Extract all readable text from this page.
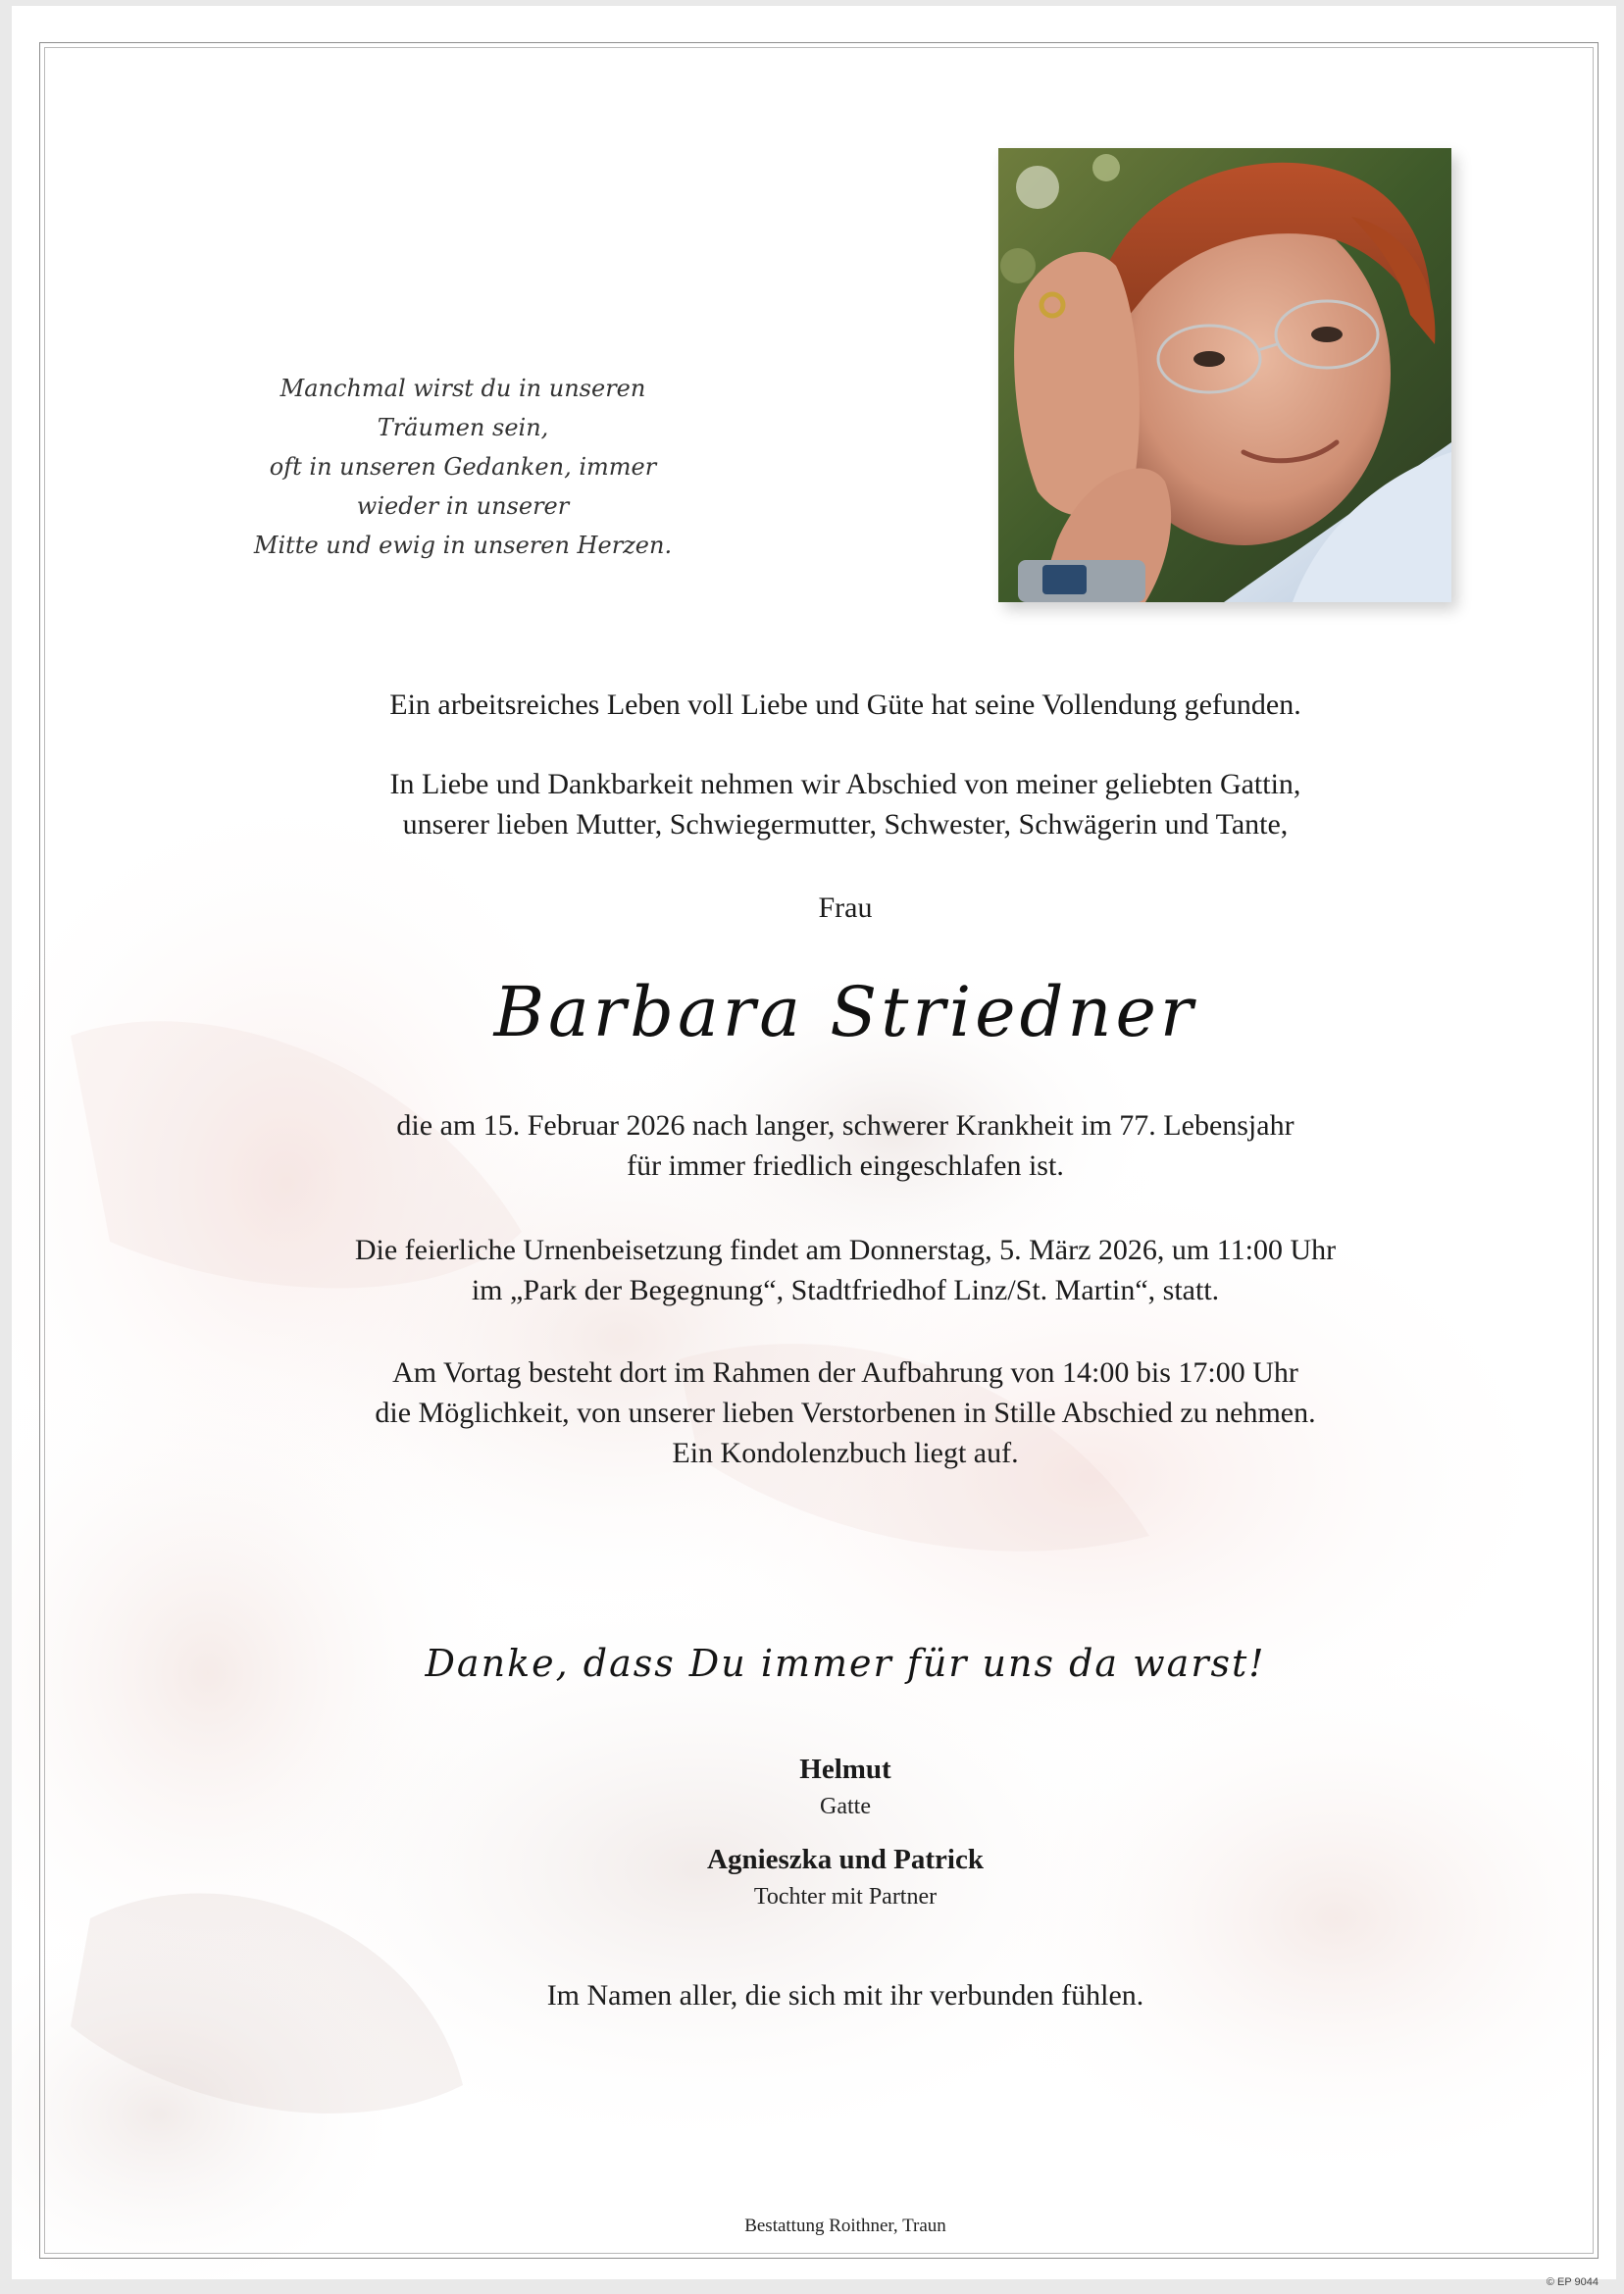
Manchmal wirst du in unseren Träumen sein,
oft in unseren Gedanken, immer wieder in unserer
Mitte und ewig in unseren Herzen.
Ein arbeitsreiches Leben voll Liebe und Güte hat seine Vollendung gefunden.
In Liebe und Dankbarkeit nehmen wir Abschied von meiner geliebten Gattin,
unserer lieben Mutter, Schwiegermutter, Schwester, Schwägerin und Tante,
Frau
Barbara Striedner
die am 15. Februar 2026 nach langer, schwerer Krankheit im 77. Lebensjahr
für immer friedlich eingeschlafen ist.
Die feierliche Urnenbeisetzung findet am Donnerstag, 5. März 2026, um 11:00 Uhr
im „Park der Begegnung“, Stadtfriedhof Linz/St. Martin“, statt.
Am Vortag besteht dort im Rahmen der Aufbahrung von 14:00 bis 17:00 Uhr
die Möglichkeit, von unserer lieben Verstorbenen in Stille Abschied zu nehmen.
Ein Kondolenzbuch liegt auf.
Danke, dass Du immer für uns da warst!
Helmut
Gatte
Agnieszka und Patrick
Tochter mit Partner
Im Namen aller, die sich mit ihr verbunden fühlen.
Bestattung Roithner, Traun
© EP 9044
